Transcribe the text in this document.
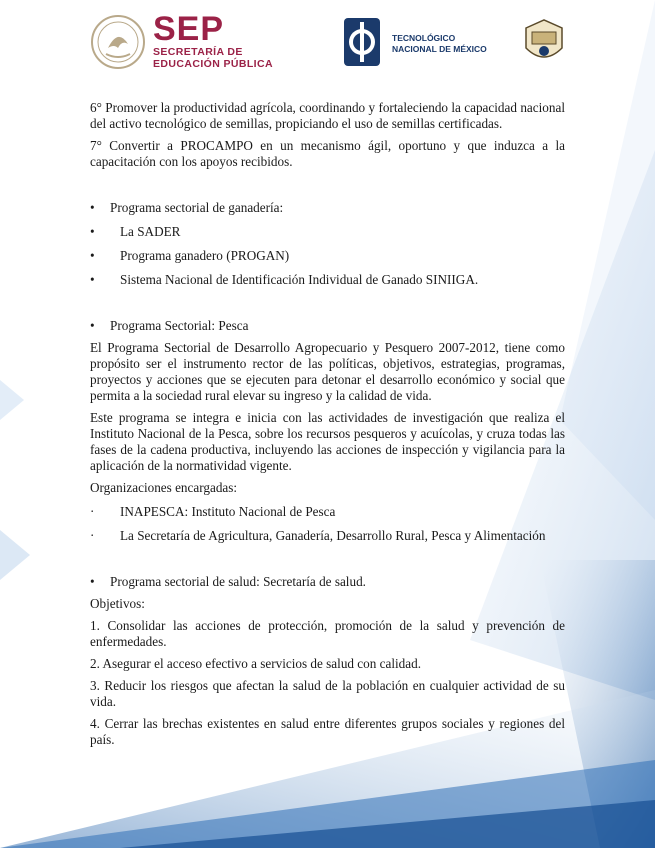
SEP
SECRETARÍA DE
EDUCACIÓN PÚBLICA
TECNOLÓGICO
NACIONAL DE MÉXICO

6° Promover la productividad agrícola, coordinando y fortaleciendo la capacidad nacional del activo tecnológico de semillas, propiciando el uso de semillas certificadas.

7° Convertir a PROCAMPO en un mecanismo ágil, oportuno y que induzca a la capacitación con los apoyos recibidos.

• Programa sectorial de ganadería:

• La SADER

• Programa ganadero (PROGAN)

• Sistema Nacional de Identificación Individual de Ganado SINIIGA.

• Programa Sectorial: Pesca

El Programa Sectorial de Desarrollo Agropecuario y Pesquero 2007-2012, tiene como propósito ser el instrumento rector de las políticas, objetivos, estrategias, programas, proyectos y acciones que se ejecuten para detonar el desarrollo económico y social que permita a la sociedad rural elevar su ingreso y la calidad de vida.

Este programa se integra e inicia con las actividades de investigación que realiza el Instituto Nacional de la Pesca, sobre los recursos pesqueros y acuícolas, y cruza todas las fases de la cadena productiva, incluyendo las acciones de inspección y vigilancia para la aplicación de la normatividad vigente.

Organizaciones encargadas:

· INAPESCA: Instituto Nacional de Pesca

· La Secretaría de Agricultura, Ganadería, Desarrollo Rural, Pesca y Alimentación

• Programa sectorial de salud: Secretaría de salud.

Objetivos:

1. Consolidar las acciones de protección, promoción de la salud y prevención de enfermedades.

2. Asegurar el acceso efectivo a servicios de salud con calidad.

3. Reducir los riesgos que afectan la salud de la población en cualquier actividad de su vida.

4. Cerrar las brechas existentes en salud entre diferentes grupos sociales y regiones del país.
